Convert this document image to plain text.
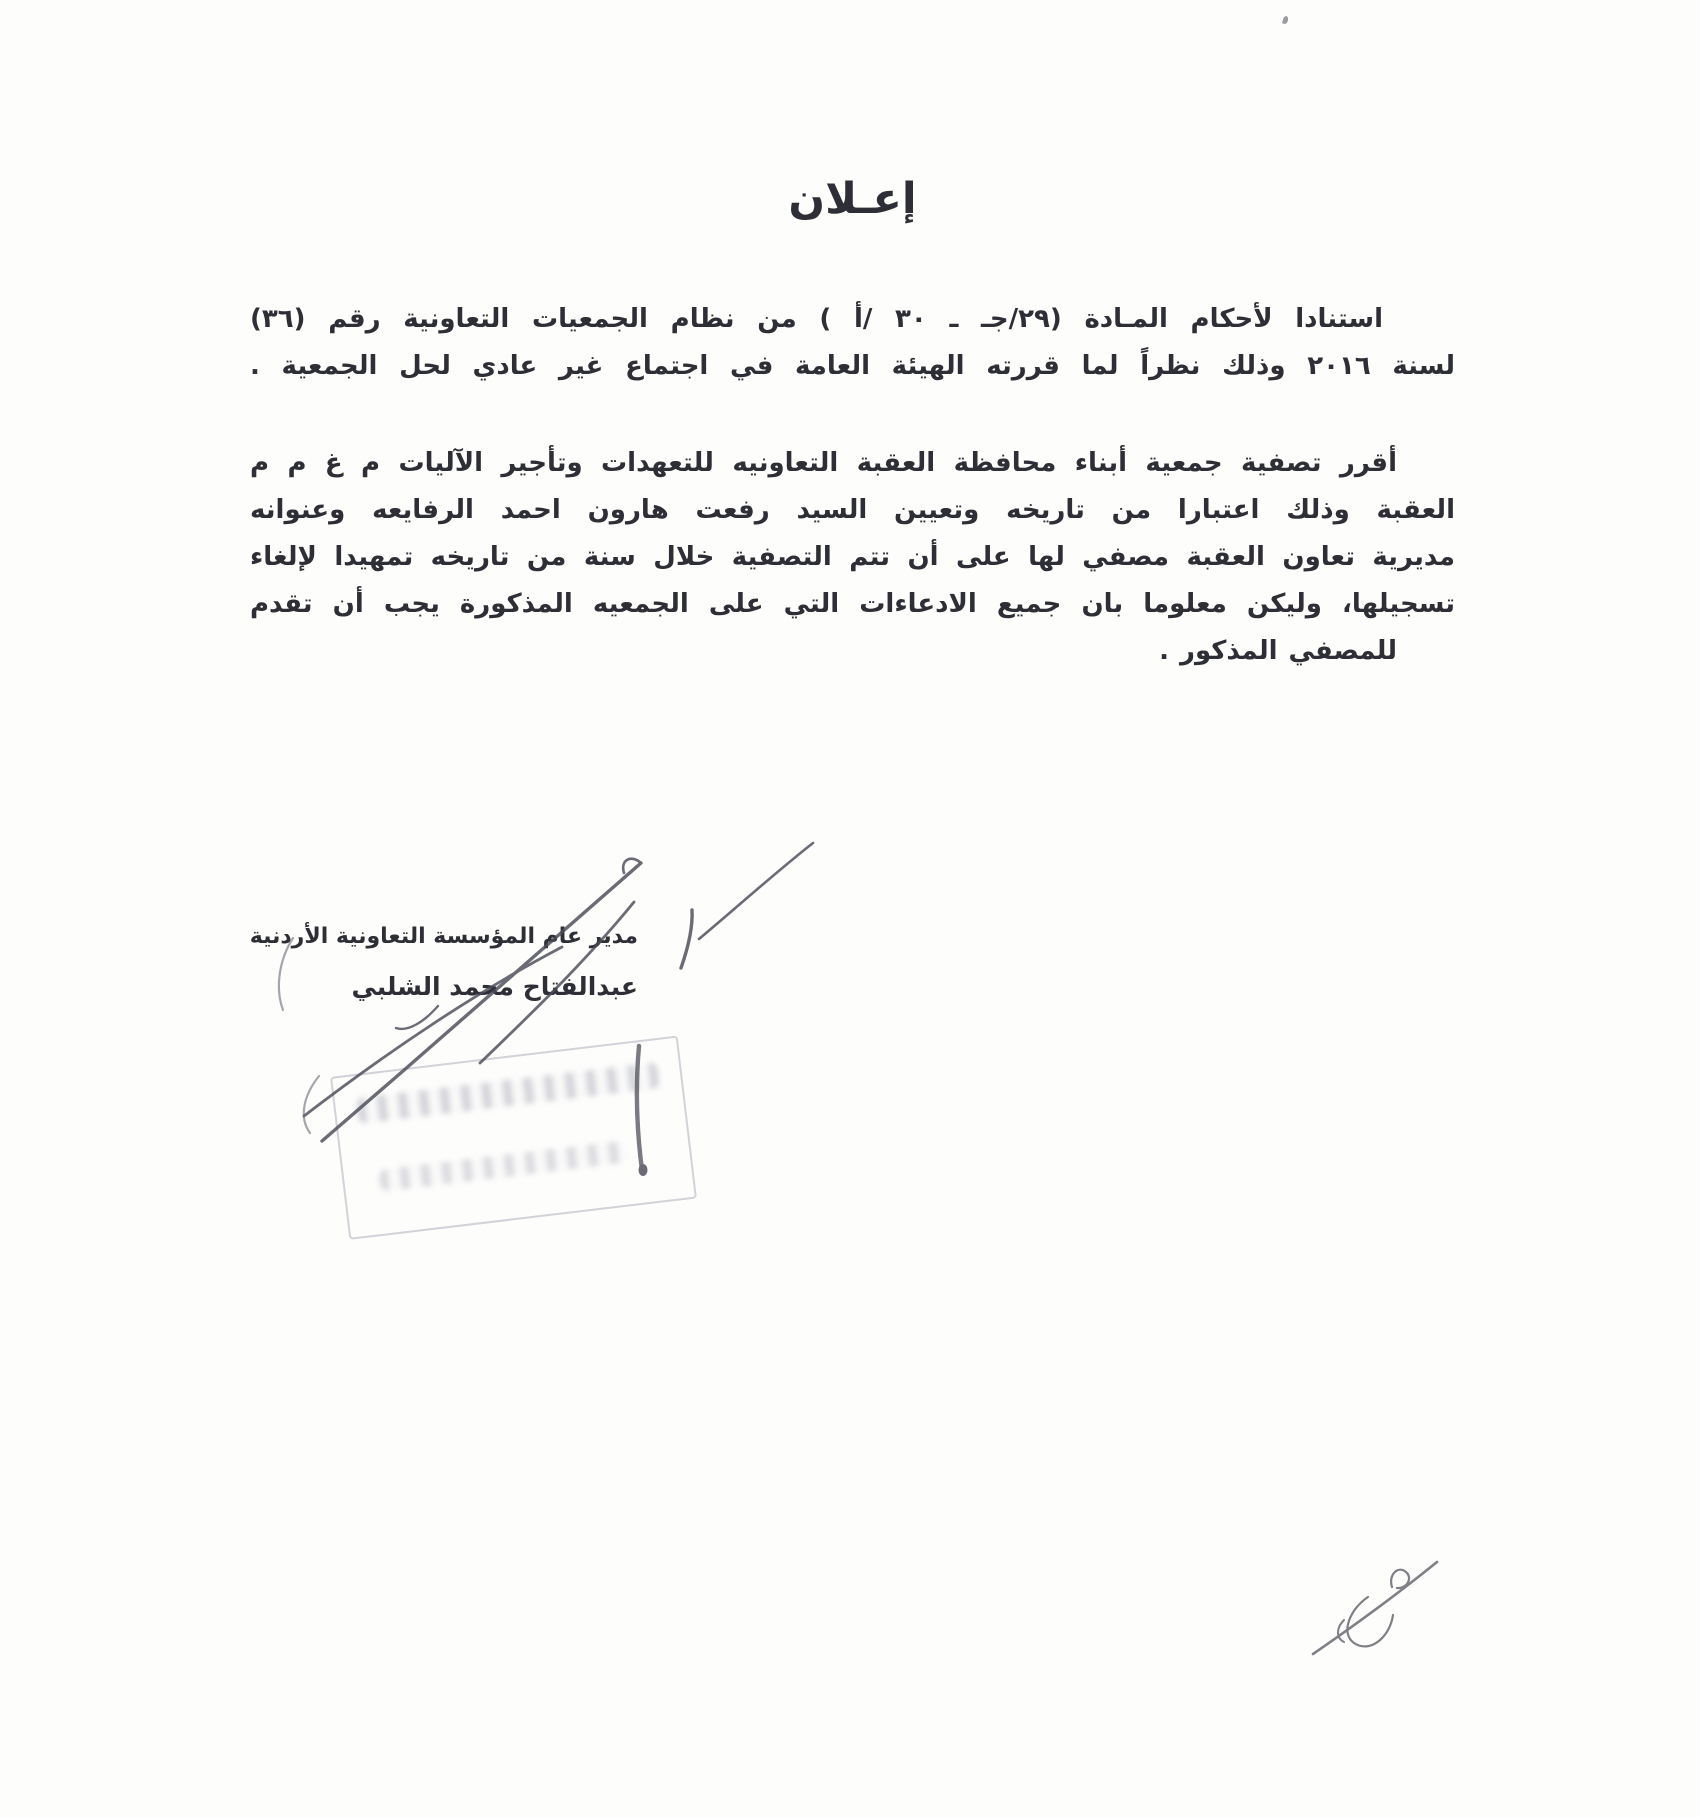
إعـلان
استنادا لأحكام المـادة (٢٩/جـ ـ ٣٠ /أ ) من نظام الجمعيات التعاونية رقم (٣٦)
لسنة ٢٠١٦ وذلك نظراً لما قررته الهيئة العامة في اجتماع غير عادي لحل الجمعية .
أقرر تصفية جمعية أبناء محافظة العقبة التعاونيه للتعهدات وتأجير الآليات م غ م م
العقبة وذلك اعتبارا من تاريخه وتعيين السيد رفعت هارون احمد الرفايعه وعنوانه
مديرية تعاون العقبة مصفي لها على أن تتم التصفية خلال سنة من تاريخه تمهيدا لإلغاء
تسجيلها، وليكن معلوما بان جميع الادعاءات التي على الجمعيه المذكورة يجب أن تقدم
للمصفي المذكور .
مدير عام المؤسسة التعاونية الأردنية
عبدالفتاح محمد الشلبي
